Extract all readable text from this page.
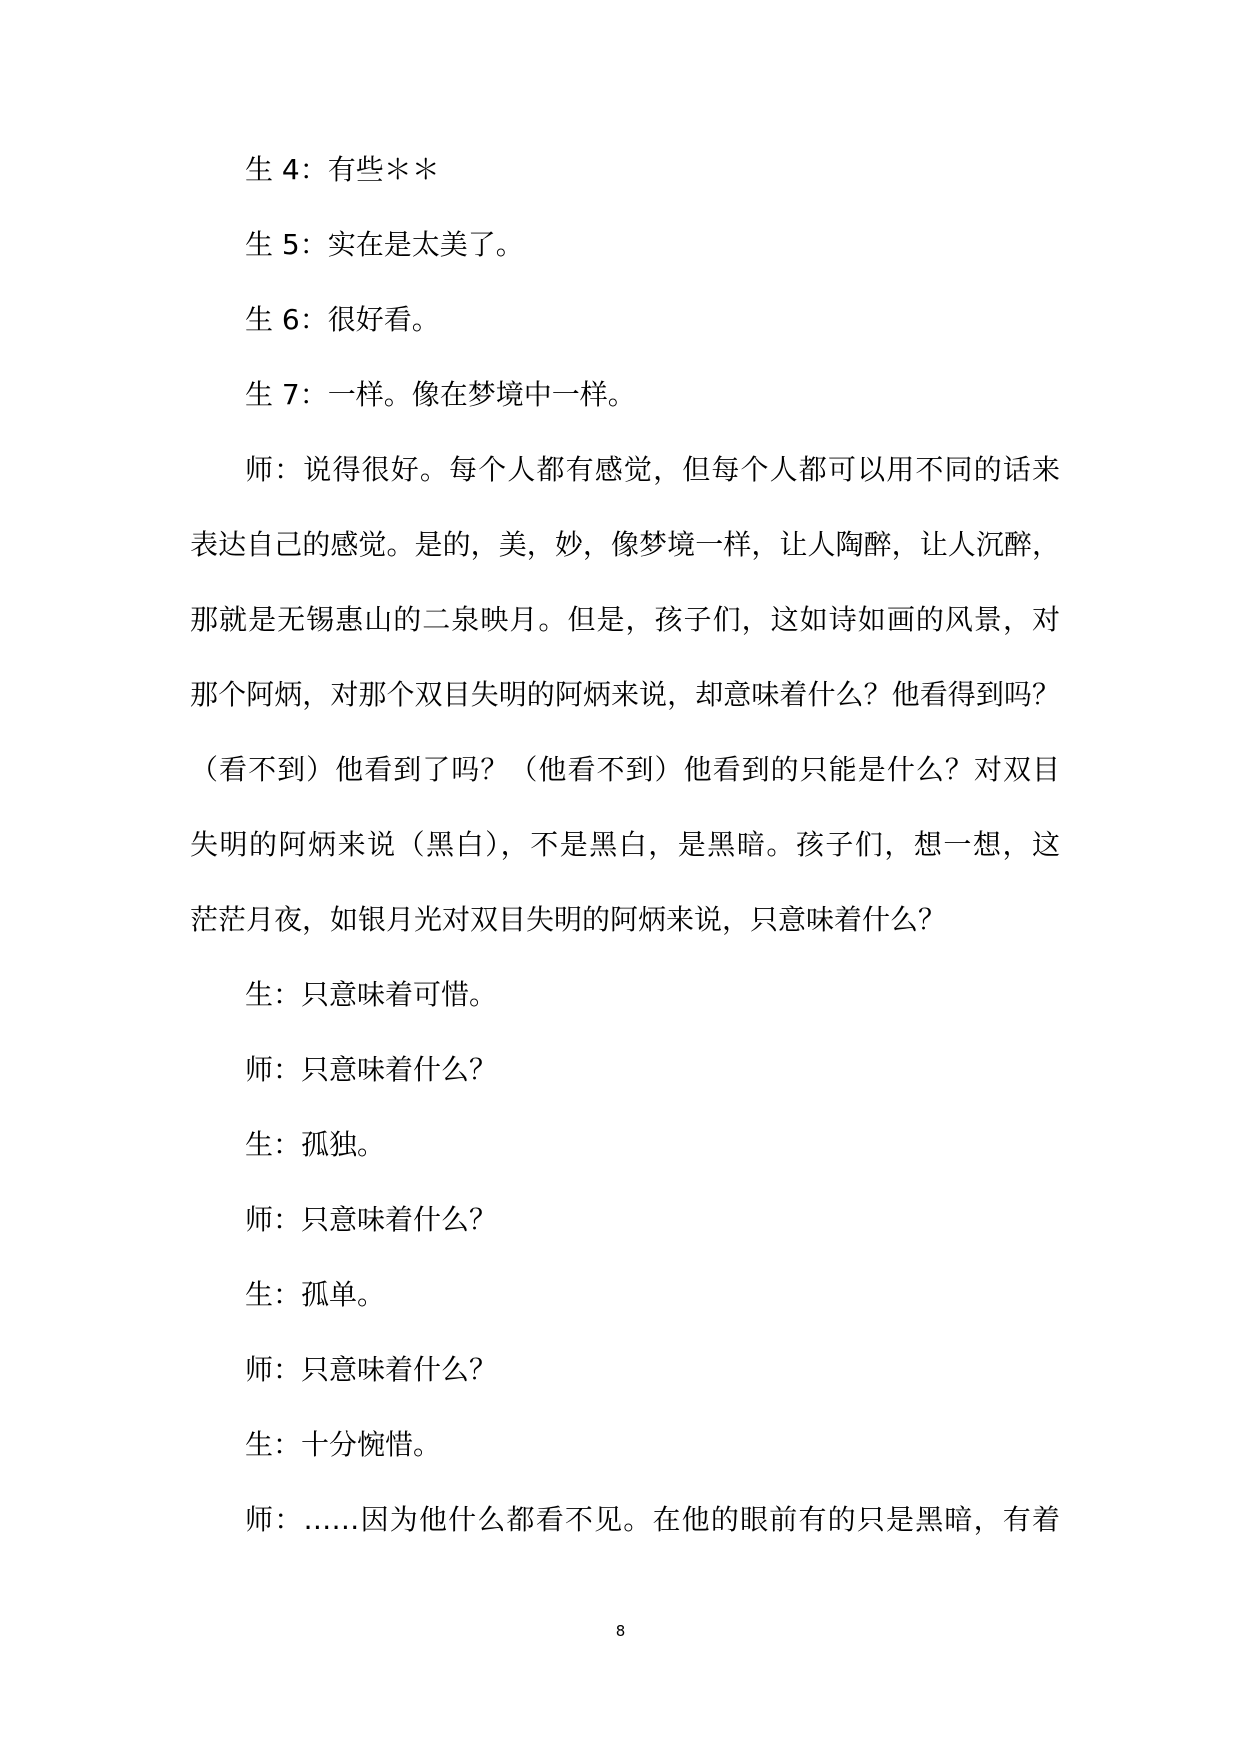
生 4：有些＊＊
生 5：实在是太美了。
生 6：很好看。
生 7：一样。像在梦境中一样。
师：说得很好。每个人都有感觉，但每个人都可以用不同的话来
表达自己的感觉。是的，美，妙，像梦境一样，让人陶醉，让人沉醉，
那就是无锡惠山的二泉映月。但是，孩子们，这如诗如画的风景，对
那个阿炳，对那个双目失明的阿炳来说，却意味着什么？他看得到吗？
（看不到）他看到了吗？（他看不到）他看到的只能是什么？对双目
失明的阿炳来说（黑白），不是黑白，是黑暗。孩子们，想一想，这
茫茫月夜，如银月光对双目失明的阿炳来说，只意味着什么？
生：只意味着可惜。
师：只意味着什么？
生：孤独。
师：只意味着什么？
生：孤单。
师：只意味着什么？
生：十分惋惜。
师：……因为他什么都看不见。在他的眼前有的只是黑暗，有着
8
